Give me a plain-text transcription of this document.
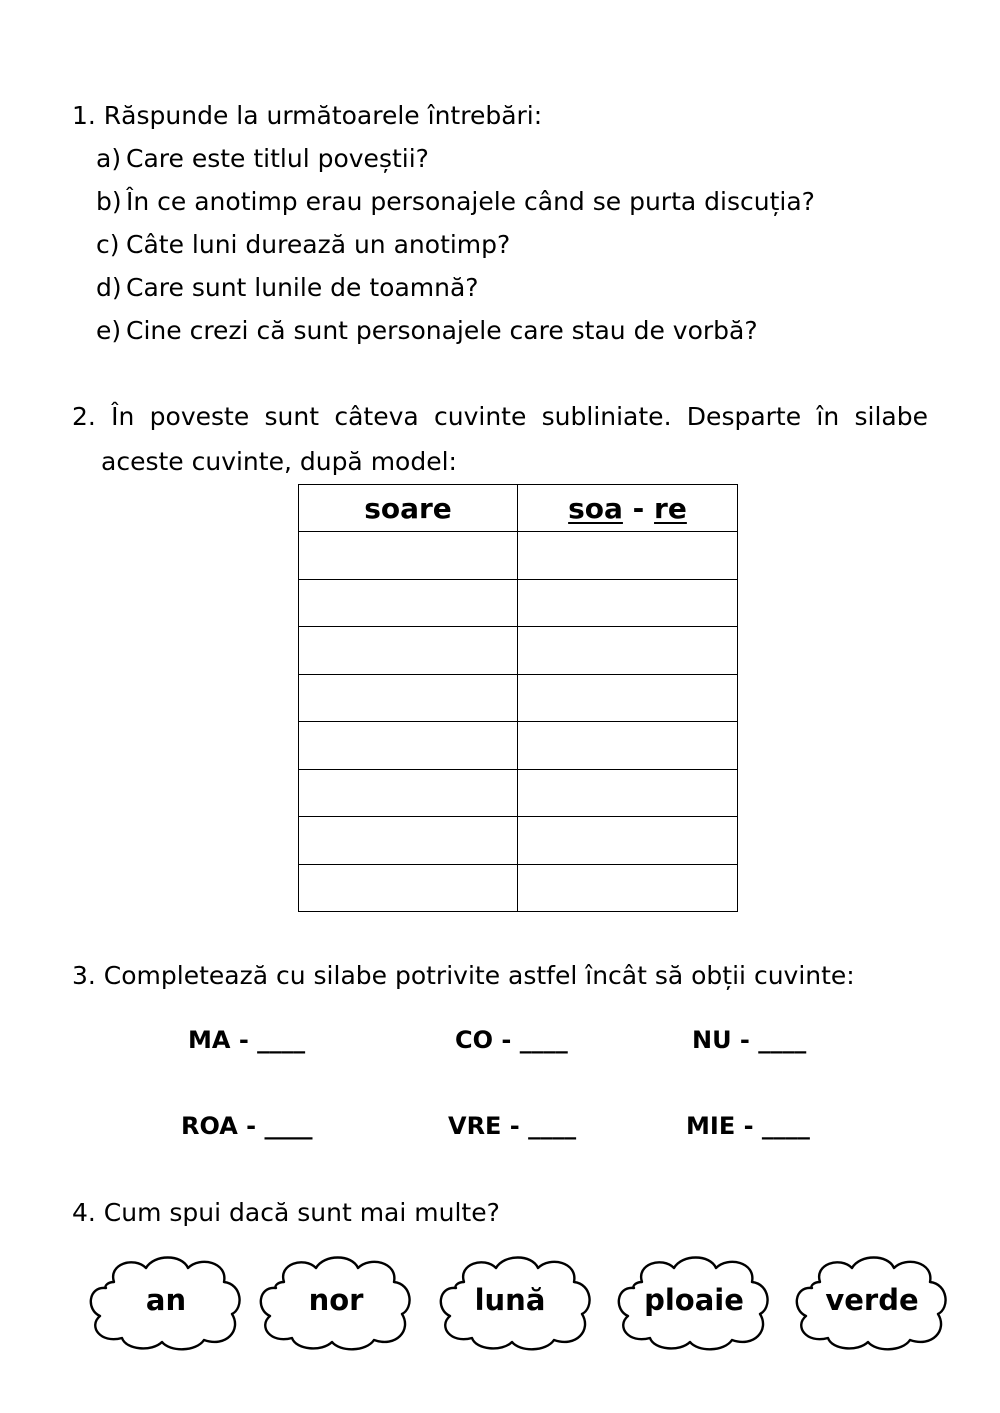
1. Răspunde la următoarele întrebări:
a) Care este titlul poveștii?
b) În ce anotimp erau personajele când se purta discuția?
c) Câte luni durează un anotimp?
d) Care sunt lunile de toamnă?
e) Cine crezi că sunt personajele care stau de vorbă?
2. În poveste sunt câteva cuvinte subliniate. Desparte în silabe
aceste cuvinte, după model:
soare	soa - re

3. Completează cu silabe potrivite astfel încât să obții cuvinte:
MA - ____	CO - ____	NU - ____
ROA - ____	VRE - ____	MIE - ____
4. Cum spui dacă sunt mai multe?
an	nor	lună	ploaie	verde
